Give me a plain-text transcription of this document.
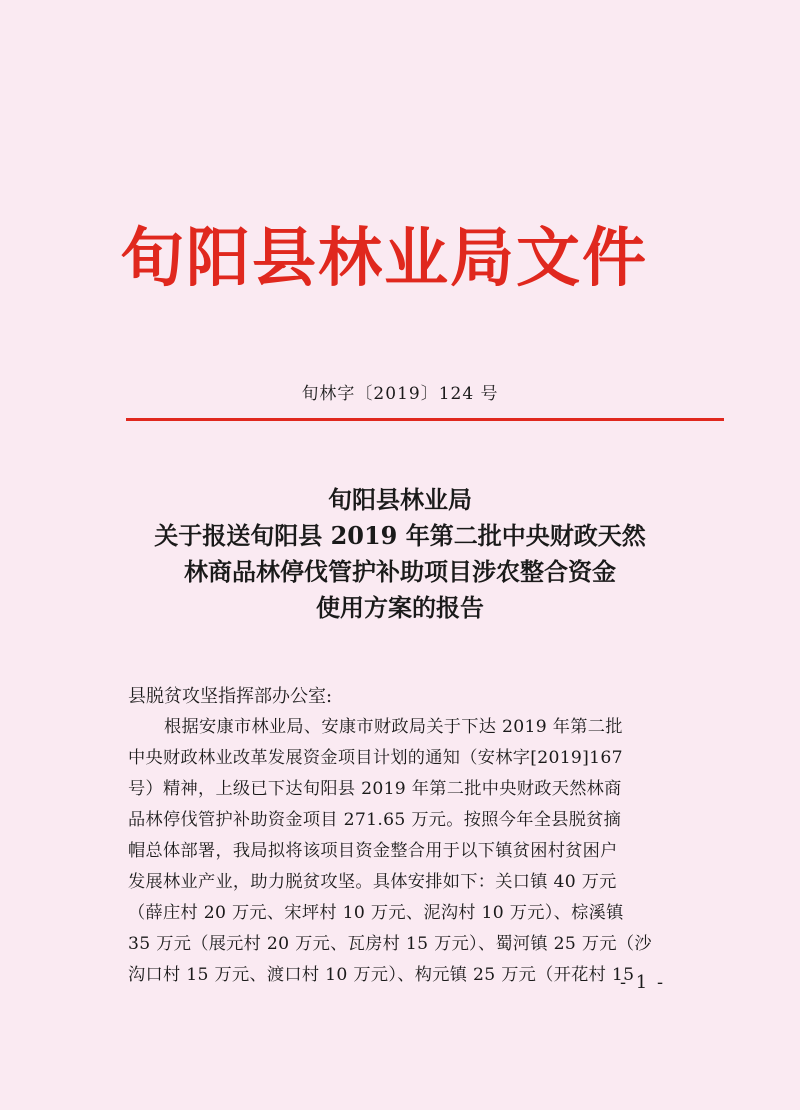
旬阳县林业局文件
旬林字〔2019〕124 号
旬阳县林业局
关于报送旬阳县 2019 年第二批中央财政天然
林商品林停伐管护补助项目涉农整合资金
使用方案的报告
县脱贫攻坚指挥部办公室:
根据安康市林业局、安康市财政局关于下达 2019 年第二批
中央财政林业改革发展资金项目计划的通知（安林字[2019]167
号）精神，上级已下达旬阳县 2019 年第二批中央财政天然林商
品林停伐管护补助资金项目 271.65 万元。按照今年全县脱贫摘
帽总体部署，我局拟将该项目资金整合用于以下镇贫困村贫困户
发展林业产业，助力脱贫攻坚。具体安排如下：关口镇 40 万元
（薛庄村 20 万元、宋坪村 10 万元、泥沟村 10 万元）、棕溪镇
35 万元（展元村 20 万元、瓦房村 15 万元）、蜀河镇 25 万元（沙
沟口村 15 万元、渡口村 10 万元）、构元镇 25 万元（开花村 15
- 1 -
